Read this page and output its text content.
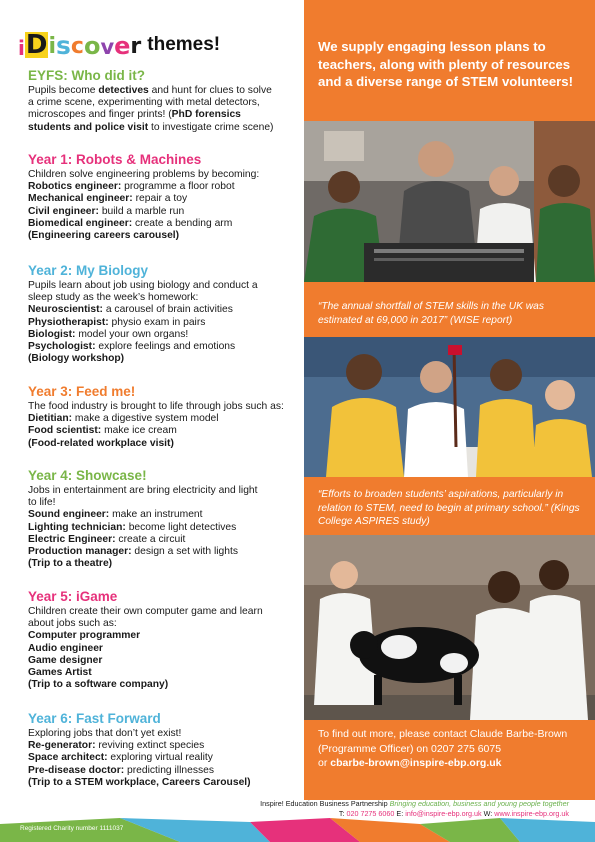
i D i s c o v e r themes!
EYFS: Who did it?
Pupils become detectives and hunt for clues to solve
a crime scene, experimenting with metal detectors,
microscopes and finger prints! (PhD forensics
students and police visit to investigate crime scene)
Year 1: Robots & Machines
Children solve engineering problems by becoming:
Robotics engineer: programme a floor robot
Mechanical engineer: repair a toy
Civil engineer: build a marble run
Biomedical engineer: create a bending arm
(Engineering careers carousel)
Year 2: My Biology
Pupils learn about job using biology and conduct a
sleep study as the week’s homework:
Neuroscientist: a carousel of brain activities
Physiotherapist: physio exam in pairs
Biologist: model your own organs!
Psychologist: explore feelings and emotions
(Biology workshop)
Year 3: Feed me!
The food industry is brought to life through jobs such as:
Dietitian: make a digestive system model
Food scientist: make ice cream
(Food-related workplace visit)
Year 4: Showcase!
Jobs in entertainment are bring electricity and light
to life!
Sound engineer: make an instrument
Lighting technician: become light detectives
Electric Engineer: create a circuit
Production manager: design a set with lights
(Trip to a theatre)
Year 5: iGame
Children create their own computer game and learn
about jobs such as:
Computer programmer
Audio engineer
Game designer
Games Artist
(Trip to a software company)
Year 6: Fast Forward
Exploring jobs that don’t yet exist!
Re-generator: reviving extinct species
Space architect: exploring virtual reality
Pre-disease doctor: predicting illnesses
(Trip to a STEM workplace, Careers Carousel)
We supply engaging lesson plans to teachers, along with plenty of resources and a diverse range of STEM volunteers!
“The annual shortfall of STEM skills in the UK was estimated at 69,000 in 2017” (WISE report)
“Efforts to broaden students’ aspirations, particularly in relation to STEM, need to begin at primary school.” (Kings College ASPIRES study)
To find out more, please contact Claude Barbe-Brown
(Programme Officer) on 0207 275 6075
or cbarbe-brown@inspire-ebp.org.uk
Inspire! Education Business Partnership Bringing education, business and young people together
T: 020 7275 6060 E: info@inspire-ebp.org.uk W: www.inspire-ebp.org.uk
Registered Charity number 1111037
